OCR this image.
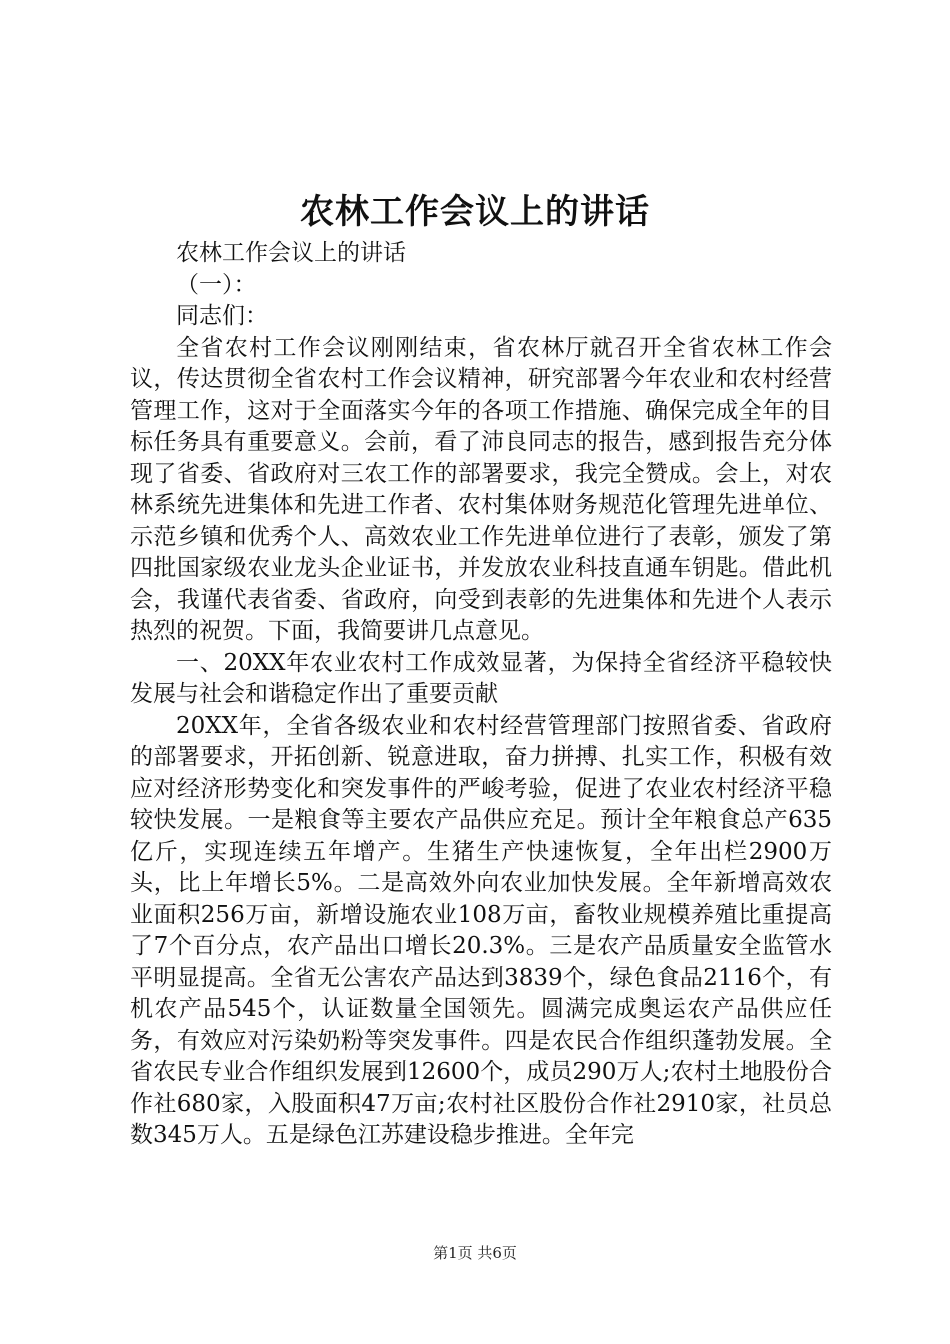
农林工作会议上的讲话

农林工作会议上的讲话

（一）：

同志们：

全省农村工作会议刚刚结束，省农林厅就召开全省农林工作会议，传达贯彻全省农村工作会议精神，研究部署今年农业和农村经营管理工作，这对于全面落实今年的各项工作措施、确保完成全年的目标任务具有重要意义。会前，看了沛良同志的报告，感到报告充分体现了省委、省政府对三农工作的部署要求，我完全赞成。会上，对农林系统先进集体和先进工作者、农村集体财务规范化管理先进单位、示范乡镇和优秀个人、高效农业工作先进单位进行了表彰，颁发了第四批国家级农业龙头企业证书，并发放农业科技直通车钥匙。借此机会，我谨代表省委、省政府，向受到表彰的先进集体和先进个人表示热烈的祝贺。下面，我简要讲几点意见。

一、20XX年农业农村工作成效显著，为保持全省经济平稳较快发展与社会和谐稳定作出了重要贡献

20XX年，全省各级农业和农村经营管理部门按照省委、省政府的部署要求，开拓创新、锐意进取，奋力拼搏、扎实工作，积极有效应对经济形势变化和突发事件的严峻考验，促进了农业农村经济平稳较快发展。一是粮食等主要农产品供应充足。预计全年粮食总产635亿斤，实现连续五年增产。生猪生产快速恢复，全年出栏2900万头，比上年增长5%。二是高效外向农业加快发展。全年新增高效农业面积256万亩，新增设施农业108万亩，畜牧业规模养殖比重提高了7个百分点，农产品出口增长20.3%。三是农产品质量安全监管水平明显提高。全省无公害农产品达到3839个，绿色食品2116个，有机农产品545个，认证数量全国领先。圆满完成奥运农产品供应任务，有效应对污染奶粉等突发事件。四是农民合作组织蓬勃发展。全省农民专业合作组织发展到12600个，成员290万人;农村土地股份合作社680家，入股面积47万亩;农村社区股份合作社2910家，社员总数345万人。五是绿色江苏建设稳步推进。全年完

第1页 共6页
